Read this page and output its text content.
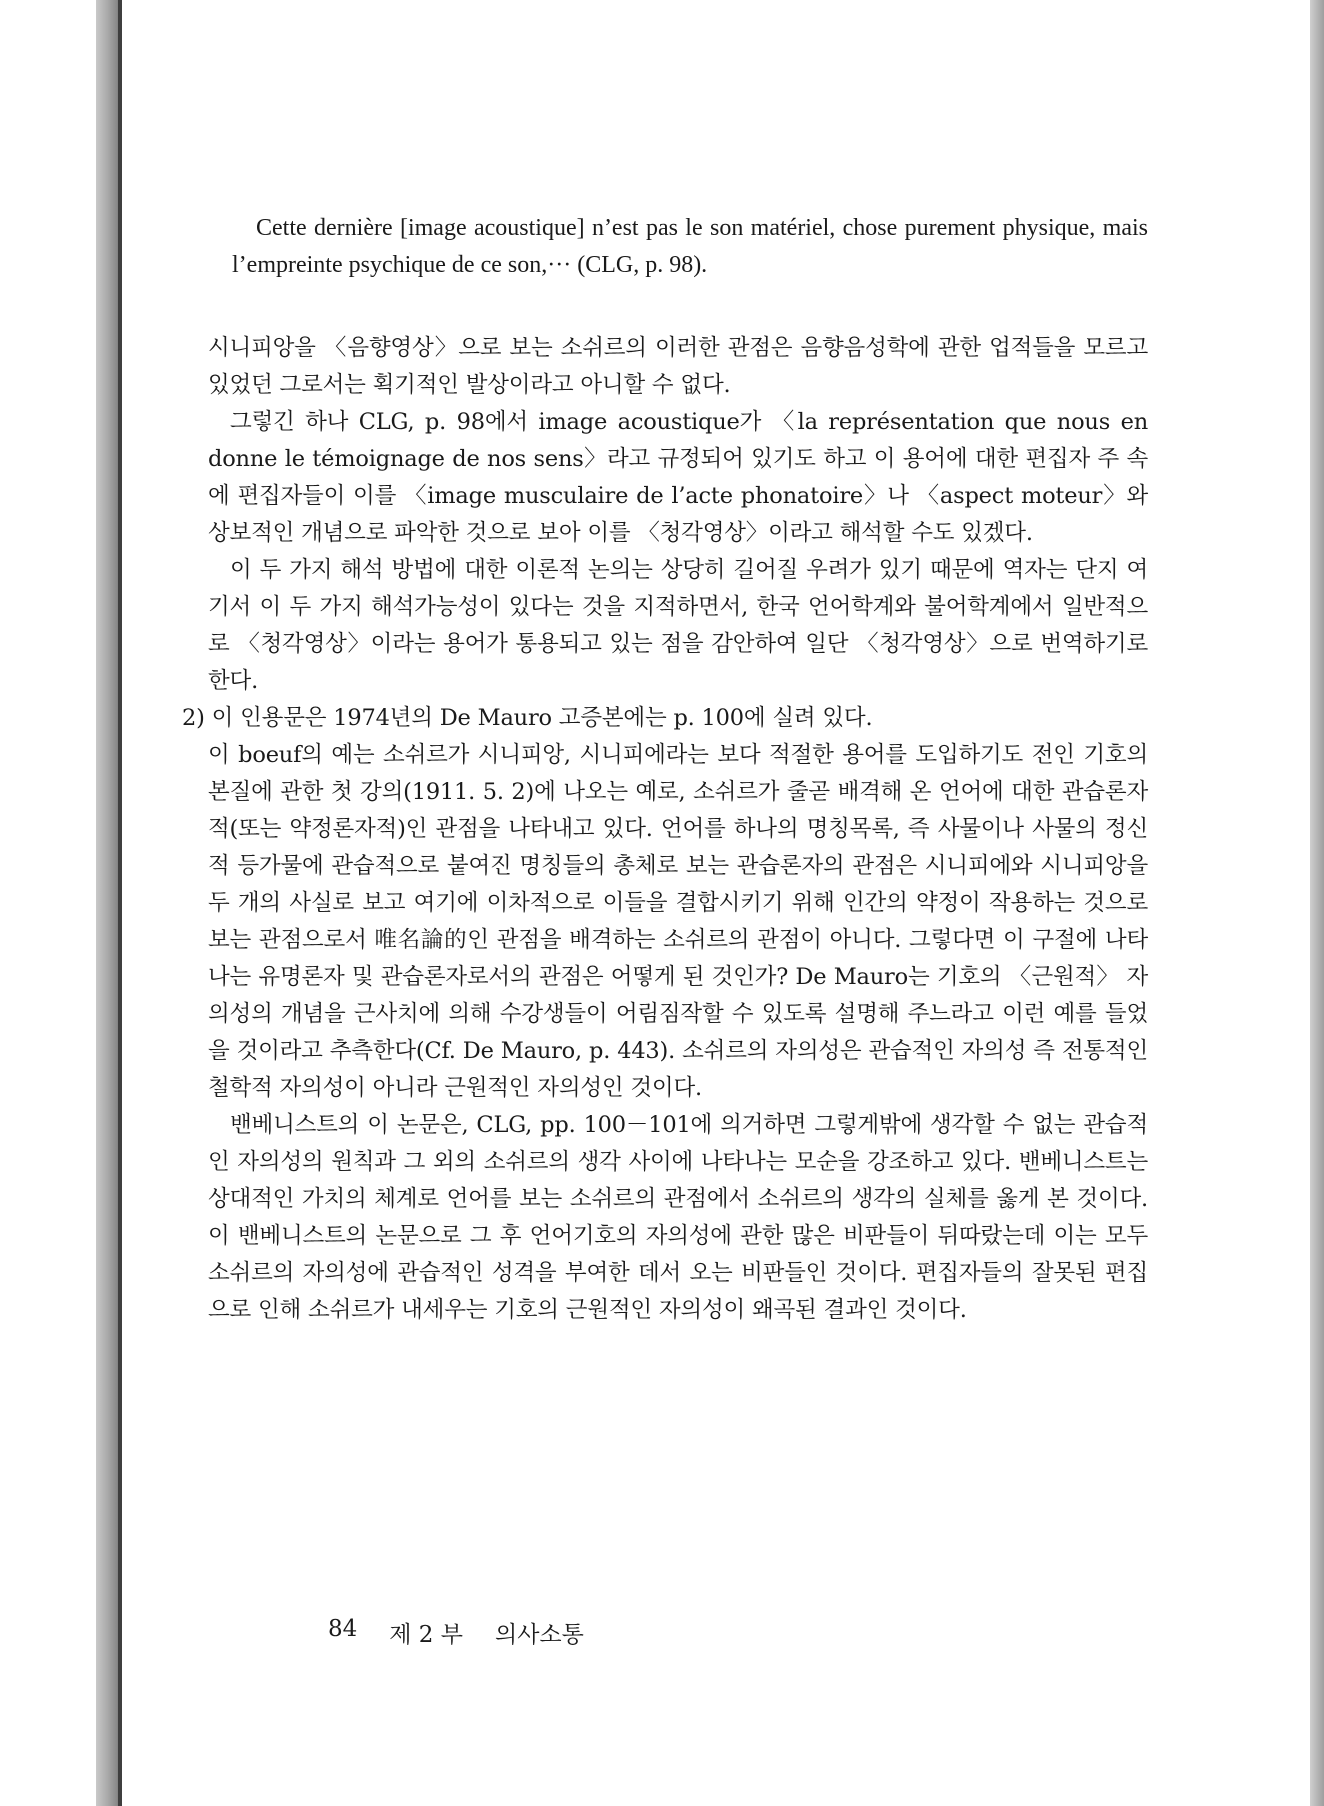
Cette dernière [image acoustique] n’est pas le son matériel, chose purement physique, mais l’empreinte psychique de ce son,··· (CLG, p. 98).

시니피앙을 〈음향영상〉으로 보는 소쉬르의 이러한 관점은 음향음성학에 관한 업적들을 모르고 있었던 그로서는 획기적인 발상이라고 아니할 수 없다.

그렇긴 하나 CLG, p. 98에서 image acoustique가 〈la représentation que nous en donne le témoignage de nos sens〉라고 규정되어 있기도 하고 이 용어에 대한 편집자 주 속에 편집자들이 이를 〈image musculaire de l’acte phonatoire〉나 〈aspect moteur〉와 상보적인 개념으로 파악한 것으로 보아 이를 〈청각영상〉이라고 해석할 수도 있겠다.

이 두 가지 해석 방법에 대한 이론적 논의는 상당히 길어질 우려가 있기 때문에 역자는 단지 여기서 이 두 가지 해석가능성이 있다는 것을 지적하면서, 한국 언어학계와 불어학계에서 일반적으로 〈청각영상〉이라는 용어가 통용되고 있는 점을 감안하여 일단 〈청각영상〉으로 번역하기로 한다.

2) 이 인용문은 1974년의 De Mauro 고증본에는 p. 100에 실려 있다.

이 boeuf의 예는 소쉬르가 시니피앙, 시니피에라는 보다 적절한 용어를 도입하기도 전인 기호의 본질에 관한 첫 강의(1911. 5. 2)에 나오는 예로, 소쉬르가 줄곧 배격해 온 언어에 대한 관습론자적(또는 약정론자적)인 관점을 나타내고 있다. 언어를 하나의 명칭목록, 즉 사물이나 사물의 정신적 등가물에 관습적으로 붙여진 명칭들의 총체로 보는 관습론자의 관점은 시니피에와 시니피앙을 두 개의 사실로 보고 여기에 이차적으로 이들을 결합시키기 위해 인간의 약정이 작용하는 것으로 보는 관점으로서 唯名論的인 관점을 배격하는 소쉬르의 관점이 아니다. 그렇다면 이 구절에 나타나는 유명론자 및 관습론자로서의 관점은 어떻게 된 것인가? De Mauro는 기호의 〈근원적〉 자의성의 개념을 근사치에 의해 수강생들이 어림짐작할 수 있도록 설명해 주느라고 이런 예를 들었을 것이라고 추측한다(Cf. De Mauro, p. 443). 소쉬르의 자의성은 관습적인 자의성 즉 전통적인 철학적 자의성이 아니라 근원적인 자의성인 것이다.

밴베니스트의 이 논문은, CLG, pp. 100－101에 의거하면 그렇게밖에 생각할 수 없는 관습적인 자의성의 원칙과 그 외의 소쉬르의 생각 사이에 나타나는 모순을 강조하고 있다. 밴베니스트는 상대적인 가치의 체계로 언어를 보는 소쉬르의 관점에서 소쉬르의 생각의 실체를 옳게 본 것이다. 이 밴베니스트의 논문으로 그 후 언어기호의 자의성에 관한 많은 비판들이 뒤따랐는데 이는 모두 소쉬르의 자의성에 관습적인 성격을 부여한 데서 오는 비판들인 것이다. 편집자들의 잘못된 편집으로 인해 소쉬르가 내세우는 기호의 근원적인 자의성이 왜곡된 결과인 것이다.

84 제 2 부 의사소통
